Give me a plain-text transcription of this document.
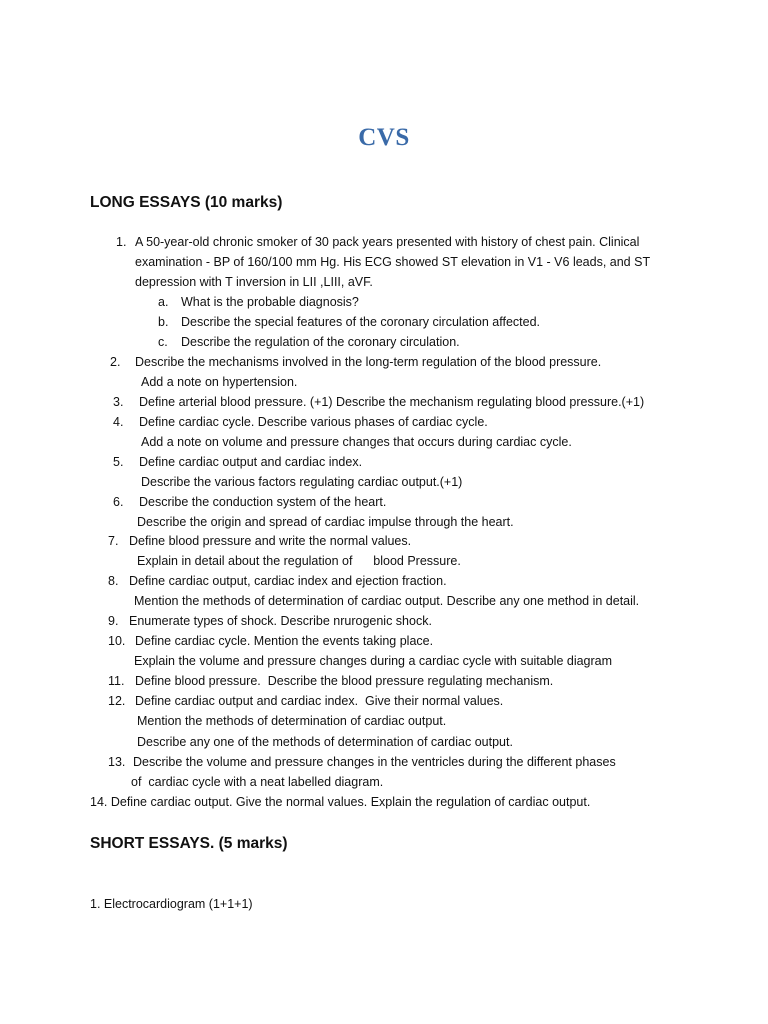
CVS
LONG ESSAYS (10 marks)
1. A 50-year-old chronic smoker of 30 pack years presented with history of chest pain. Clinical
examination - BP of 160/100 mm Hg. His ECG showed ST elevation in V1 - V6 leads, and ST
depression with T inversion in LII ,LIII, aVF.
a. What is the probable diagnosis?
b. Describe the special features of the coronary circulation affected.
c. Describe the regulation of the coronary circulation.
2. Describe the mechanisms involved in the long-term regulation of the blood pressure.
Add a note on hypertension.
3. Define arterial blood pressure. (+1) Describe the mechanism regulating blood pressure.(+1)
4. Define cardiac cycle. Describe various phases of cardiac cycle.
Add a note on volume and pressure changes that occurs during cardiac cycle.
5. Define cardiac output and cardiac index.
Describe the various factors regulating cardiac output.(+1)
6. Describe the conduction system of the heart.
Describe the origin and spread of cardiac impulse through the heart.
7. Define blood pressure and write the normal values.
Explain in detail about the regulation of      blood Pressure.
8. Define cardiac output, cardiac index and ejection fraction.
Mention the methods of determination of cardiac output. Describe any one method in detail.
9. Enumerate types of shock. Describe nrurogenic shock.
10. Define cardiac cycle. Mention the events taking place.
Explain the volume and pressure changes during a cardiac cycle with suitable diagram
11. Define blood pressure.  Describe the blood pressure regulating mechanism.
12. Define cardiac output and cardiac index.  Give their normal values.
Mention the methods of determination of cardiac output.
Describe any one of the methods of determination of cardiac output.
13. Describe the volume and pressure changes in the ventricles during the different phases
of  cardiac cycle with a neat labelled diagram.
14. Define cardiac output. Give the normal values. Explain the regulation of cardiac output.
SHORT ESSAYS. (5 marks)
1. Electrocardiogram (1+1+1)
